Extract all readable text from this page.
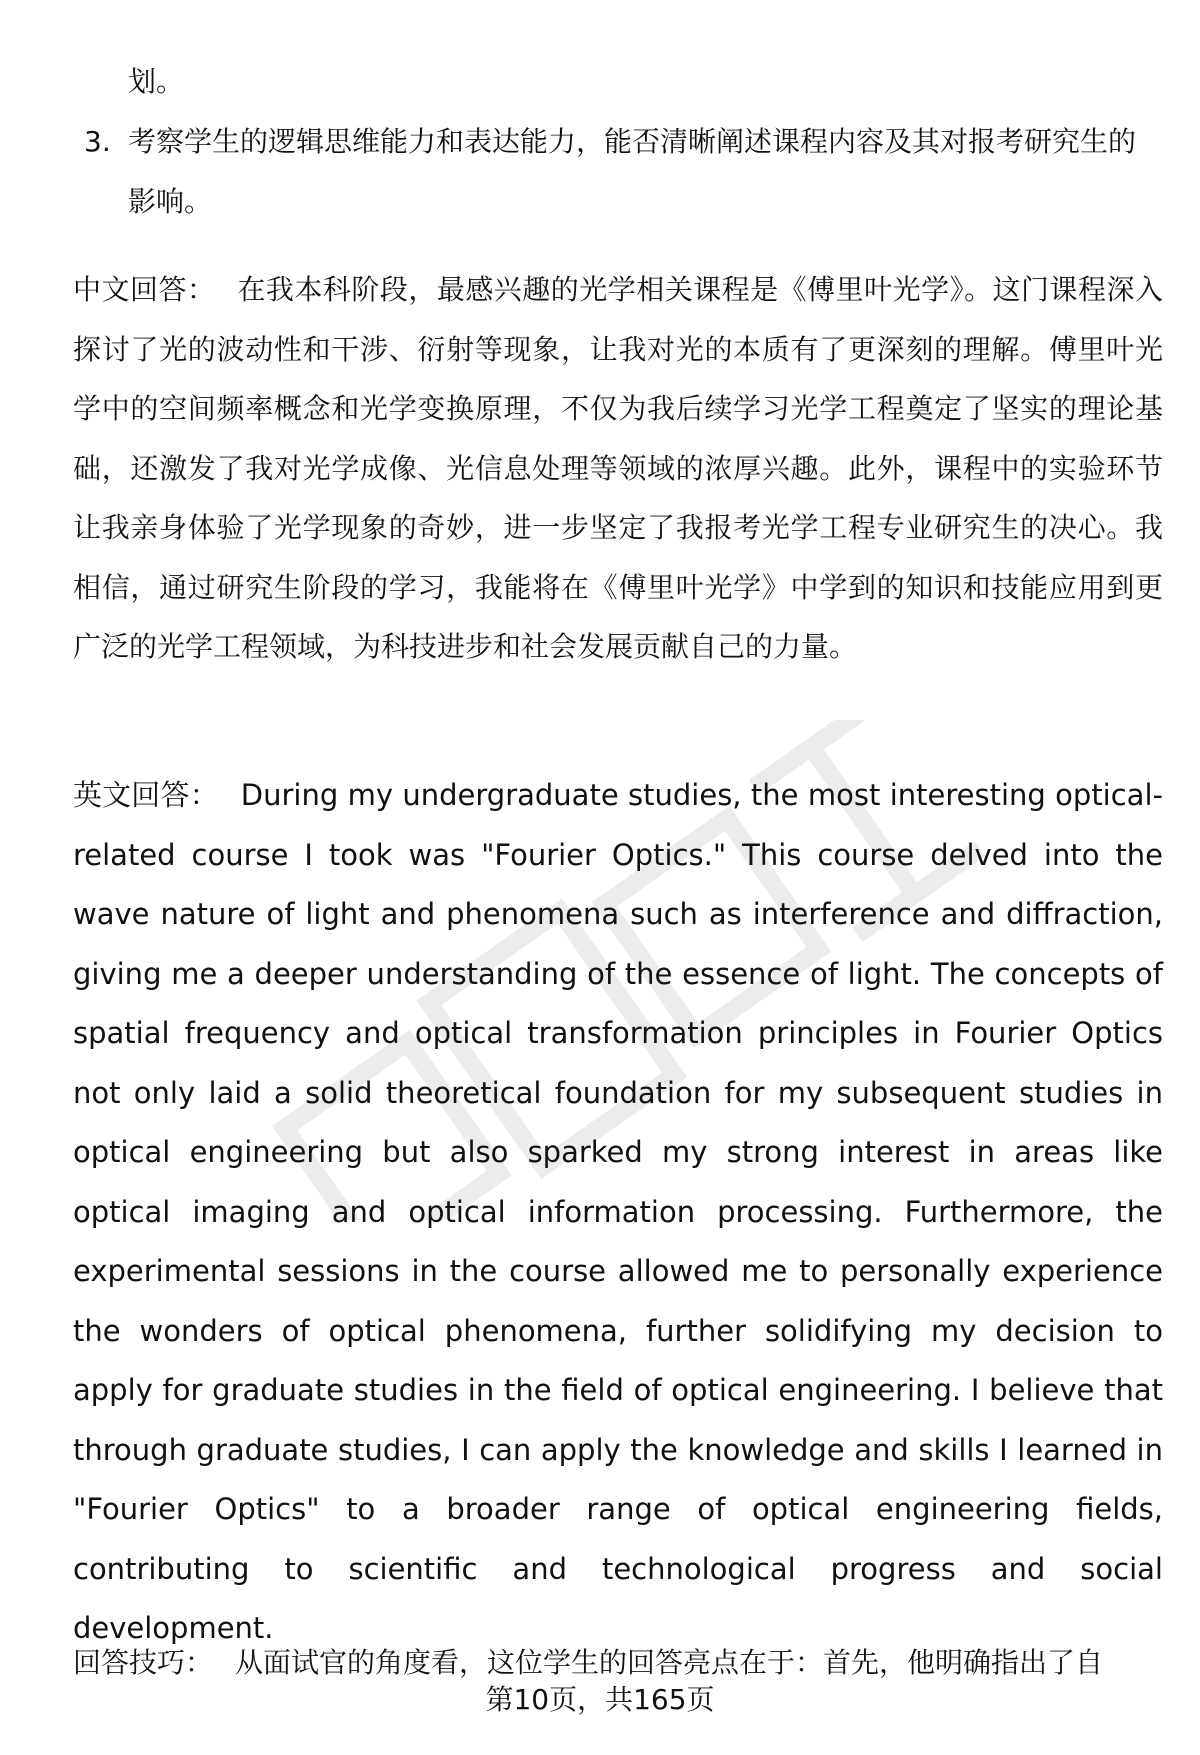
划。
3. 考察学生的逻辑思维能力和表达能力，能否清晰阐述课程内容及其对报考研究生的影响。
中文回答： 在我本科阶段，最感兴趣的光学相关课程是《傅里叶光学》。这门课程深入探讨了光的波动性和干涉、衍射等现象，让我对光的本质有了更深刻的理解。傅里叶光学中的空间频率概念和光学变换原理，不仅为我后续学习光学工程奠定了坚实的理论基础，还激发了我对光学成像、光信息处理等领域的浓厚兴趣。此外，课程中的实验环节让我亲身体验了光学现象的奇妙，进一步坚定了我报考光学工程专业研究生的决心。我相信，通过研究生阶段的学习，我能将在《傅里叶光学》中学到的知识和技能应用到更广泛的光学工程领域，为科技进步和社会发展贡献自己的力量。
英文回答： During my undergraduate studies, the most interesting optical-related course I took was "Fourier Optics." This course delved into the wave nature of light and phenomena such as interference and diffraction, giving me a deeper understanding of the essence of light. The concepts of spatial frequency and optical transformation principles in Fourier Optics not only laid a solid theoretical foundation for my subsequent studies in optical engineering but also sparked my strong interest in areas like optical imaging and optical information processing. Furthermore, the experimental sessions in the course allowed me to personally experience the wonders of optical phenomena, further solidifying my decision to apply for graduate studies in the field of optical engineering. I believe that through graduate studies, I can apply the knowledge and skills I learned in "Fourier Optics" to a broader range of optical engineering fields, contributing to scientific and technological progress and social development.
回答技巧： 从面试官的角度看，这位学生的回答亮点在于：首先，他明确指出了自
第10页，共165页
